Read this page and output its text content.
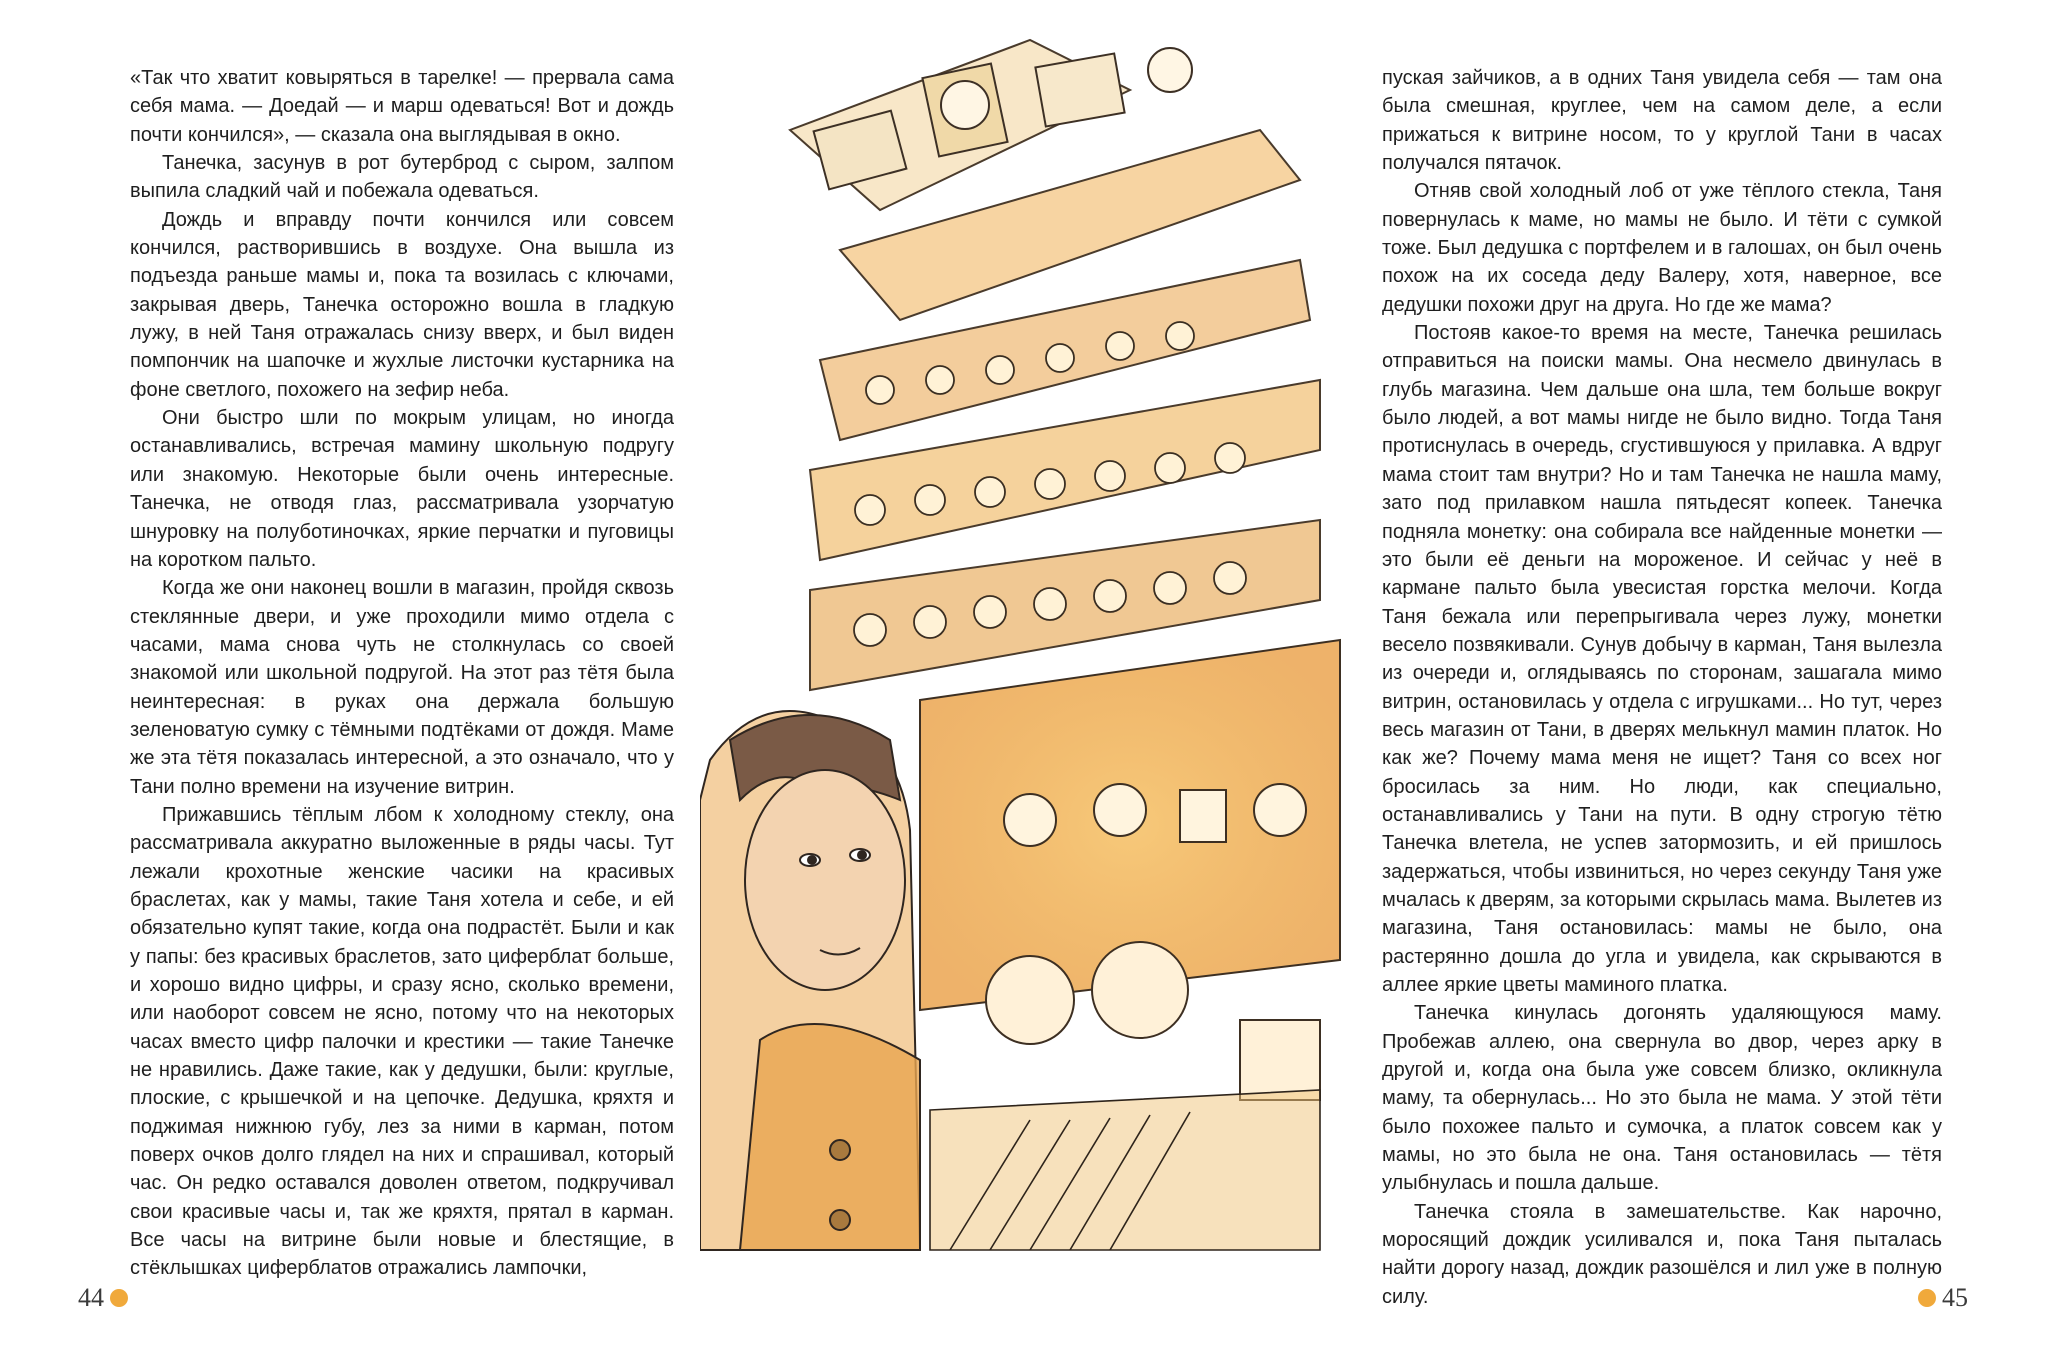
«Так что хватит ковыряться в тарелке! — прервала сама себя мама. — Доедай — и марш одеваться! Вот и дождь почти кончился», — сказала она выглядывая в окно.

Танечка, засунув в рот бутерброд с сыром, залпом выпила сладкий чай и побежала одеваться.

Дождь и вправду почти кончился или совсем кончился, растворившись в воздухе. Она вышла из подъезда раньше мамы и, пока та возилась с ключами, закрывая дверь, Танечка осторожно вошла в гладкую лужу, в ней Таня отражалась снизу вверх, и был виден помпончик на шапочке и жухлые листочки кустарника на фоне светлого, похожего на зефир неба.

Они быстро шли по мокрым улицам, но иногда останавливались, встречая мамину школьную подругу или знакомую. Некоторые были очень интересные. Танечка, не отводя глаз, рассматривала узорчатую шнуровку на полуботиночках, яркие перчатки и пуговицы на коротком пальто.

Когда же они наконец вошли в магазин, пройдя сквозь стеклянные двери, и уже проходили мимо отдела с часами, мама снова чуть не столкнулась со своей знакомой или школьной подругой. На этот раз тётя была неинтересная: в руках она держала большую зеленоватую сумку с тёмными подтёками от дождя. Маме же эта тётя показалась интересной, а это означало, что у Тани полно времени на изучение витрин.

Прижавшись тёплым лбом к холодному стеклу, она рассматривала аккуратно выложенные в ряды часы. Тут лежали крохотные женские часики на красивых браслетах, как у мамы, такие Таня хотела и себе, и ей обязательно купят такие, когда она подрастёт. Были и как у папы: без красивых браслетов, зато циферблат больше, и хорошо видно цифры, и сразу ясно, сколько времени, или наоборот совсем не ясно, потому что на некоторых часах вместо цифр палочки и крестики — такие Танечке не нравились. Даже такие, как у дедушки, были: круглые, плоские, с крышечкой и на цепочке. Дедушка, кряхтя и поджимая нижнюю губу, лез за ними в карман, потом поверх очков долго глядел на них и спрашивал, который час. Он редко оставался доволен ответом, подкручивал свои красивые часы и, так же кряхтя, прятал в карман. Все часы на витрине были новые и блестящие, в стёклышках циферблатов отражались лампочки,

44

пуская зайчиков, а в одних Таня увидела себя — там она была смешная, круглее, чем на самом деле, а если прижаться к витрине носом, то у круглой Тани в часах получался пятачок.

Отняв свой холодный лоб от уже тёплого стекла, Таня повернулась к маме, но мамы не было. И тёти с сумкой тоже. Был дедушка с портфелем и в галошах, он был очень похож на их соседа деду Валеру, хотя, наверное, все дедушки похожи друг на друга. Но где же мама?

Постояв какое-то время на месте, Танечка решилась отправиться на поиски мамы. Она несмело двинулась в глубь магазина. Чем дальше она шла, тем больше вокруг было людей, а вот мамы нигде не было видно. Тогда Таня протиснулась в очередь, сгустившуюся у прилавка. А вдруг мама стоит там внутри? Но и там Танечка не нашла маму, зато под прилавком нашла пятьдесят копеек. Танечка подняла монетку: она собирала все найденные монетки — это были её деньги на мороженое. И сейчас у неё в кармане пальто была увесистая горстка мелочи. Когда Таня бежала или перепрыгивала через лужу, монетки весело позвякивали. Сунув добычу в карман, Таня вылезла из очереди и, оглядываясь по сторонам, зашагала мимо витрин, остановилась у отдела с игрушками... Но тут, через весь магазин от Тани, в дверях мелькнул мамин платок. Но как же? Почему мама меня не ищет? Таня со всех ног бросилась за ним. Но люди, как специально, останавливались у Тани на пути. В одну строгую тётю Танечка влетела, не успев затормозить, и ей пришлось задержаться, чтобы извиниться, но через секунду Таня уже мчалась к дверям, за которыми скрылась мама. Вылетев из магазина, Таня остановилась: мамы не было, она растерянно дошла до угла и увидела, как скрываются в аллее яркие цветы маминого платка.

Танечка кинулась догонять удаляющуюся маму. Пробежав аллею, она свернула во двор, через арку в другой и, когда она была уже совсем близко, окликнула маму, та обернулась... Но это была не мама. У этой тёти было похожее пальто и сумочка, а платок совсем как у мамы, но это была не она. Таня остановилась — тётя улыбнулась и пошла дальше.

Танечка стояла в замешательстве. Как нарочно, моросящий дождик усиливался и, пока Таня пыталась найти дорогу назад, дождик разошёлся и лил уже в полную силу.	45
